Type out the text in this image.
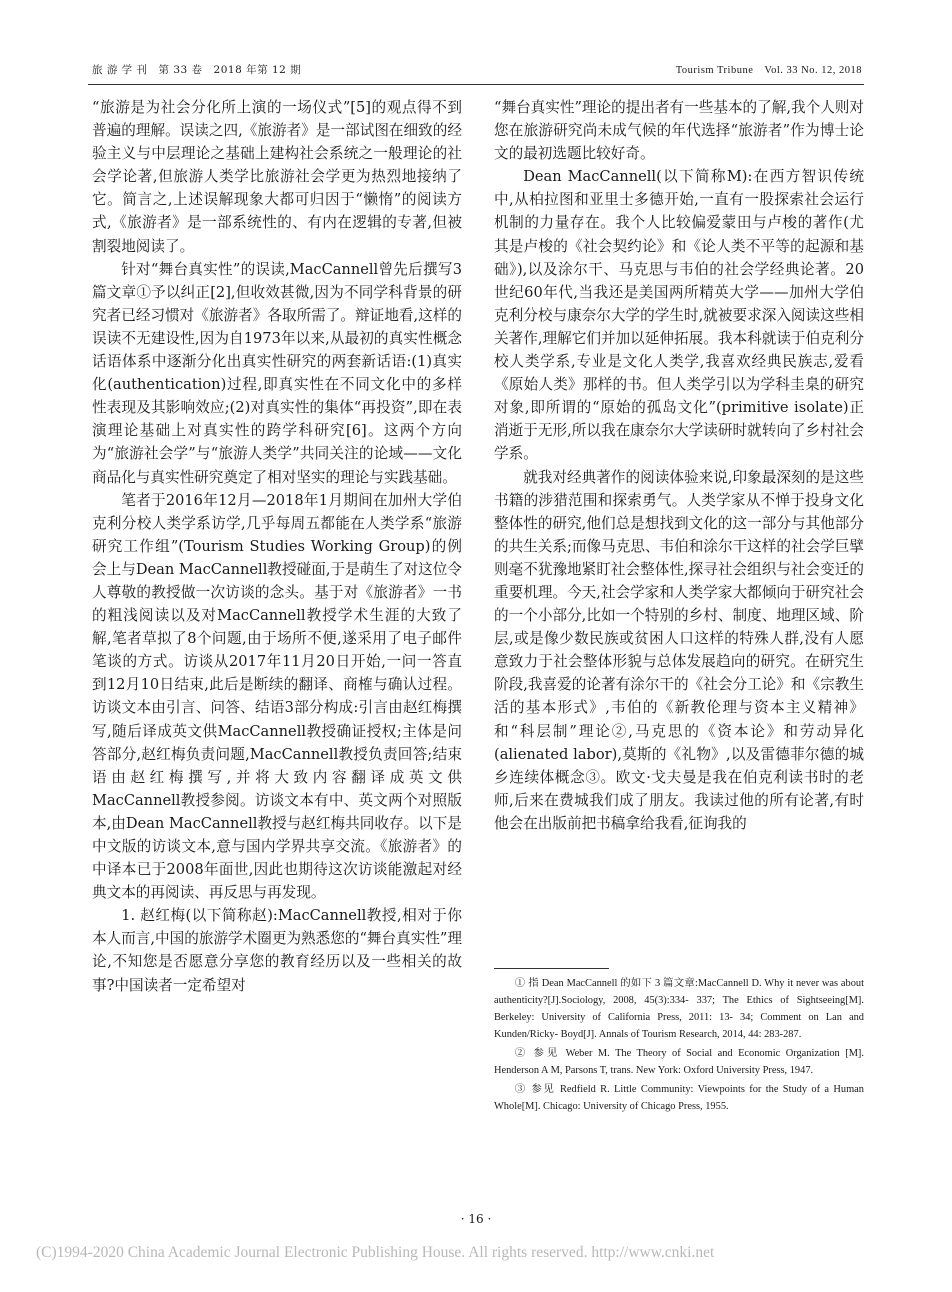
旅 游 学 刊　第 33 卷　2018 年第 12 期	Tourism Tribune　Vol. 33 No. 12, 2018

“旅游是为社会分化所上演的一场仪式”[5]的观点得不到普遍的理解。误读之四,《旅游者》是一部试图在细致的经验主义与中层理论之基础上建构社会系统之一般理论的社会学论著,但旅游人类学比旅游社会学更为热烈地接纳了它。简言之,上述误解现象大都可归因于“懒惰”的阅读方式,《旅游者》是一部系统性的、有内在逻辑的专著,但被割裂地阅读了。

针对“舞台真实性”的误读,MacCannell曾先后撰写3篇文章①予以纠正[2],但收效甚微,因为不同学科背景的研究者已经习惯对《旅游者》各取所需了。辩证地看,这样的误读不无建设性,因为自1973年以来,从最初的真实性概念话语体系中逐渐分化出真实性研究的两套新话语:(1)真实化(authentication)过程,即真实性在不同文化中的多样性表现及其影响效应;(2)对真实性的集体“再投资”,即在表演理论基础上对真实性的跨学科研究[6]。这两个方向为“旅游社会学”与“旅游人类学”共同关注的论域——文化商品化与真实性研究奠定了相对坚实的理论与实践基础。

笔者于2016年12月—2018年1月期间在加州大学伯克利分校人类学系访学,几乎每周五都能在人类学系“旅游研究工作组”(Tourism Studies Working Group)的例会上与Dean MacCannell教授碰面,于是萌生了对这位令人尊敬的教授做一次访谈的念头。基于对《旅游者》一书的粗浅阅读以及对MacCannell教授学术生涯的大致了解,笔者草拟了8个问题,由于场所不便,遂采用了电子邮件笔谈的方式。访谈从2017年11月20日开始,一问一答直到12月10日结束,此后是断续的翻译、商榷与确认过程。访谈文本由引言、问答、结语3部分构成:引言由赵红梅撰写,随后译成英文供MacCannell教授确证授权;主体是问答部分,赵红梅负责问题,MacCannell教授负责回答;结束语由赵红梅撰写,并将大致内容翻译成英文供MacCannell教授参阅。访谈文本有中、英文两个对照版本,由Dean MacCannell教授与赵红梅共同收存。以下是中文版的访谈文本,意与国内学界共享交流。《旅游者》的中译本已于2008年面世,因此也期待这次访谈能激起对经典文本的再阅读、再反思与再发现。

1. 赵红梅(以下简称赵):MacCannell教授,相对于你本人而言,中国的旅游学术圈更为熟悉您的“舞台真实性”理论,不知您是否愿意分享您的教育经历以及一些相关的故事?中国读者一定希望对

“舞台真实性”理论的提出者有一些基本的了解,我个人则对您在旅游研究尚未成气候的年代选择“旅游者”作为博士论文的最初选题比较好奇。

Dean MacCannell(以下简称M):在西方智识传统中,从柏拉图和亚里士多德开始,一直有一股探索社会运行机制的力量存在。我个人比较偏爱蒙田与卢梭的著作(尤其是卢梭的《社会契约论》和《论人类不平等的起源和基础》),以及涂尔干、马克思与韦伯的社会学经典论著。20世纪60年代,当我还是美国两所精英大学——加州大学伯克利分校与康奈尔大学的学生时,就被要求深入阅读这些相关著作,理解它们并加以延伸拓展。我本科就读于伯克利分校人类学系,专业是文化人类学,我喜欢经典民族志,爱看《原始人类》那样的书。但人类学引以为学科圭臬的研究对象,即所谓的“原始的孤岛文化”(primitive isolate)正消逝于无形,所以我在康奈尔大学读研时就转向了乡村社会学系。

就我对经典著作的阅读体验来说,印象最深刻的是这些书籍的涉猎范围和探索勇气。人类学家从不惮于投身文化整体性的研究,他们总是想找到文化的这一部分与其他部分的共生关系;而像马克思、韦伯和涂尔干这样的社会学巨擘则毫不犹豫地紧盯社会整体性,探寻社会组织与社会变迁的重要机理。今天,社会学家和人类学家大都倾向于研究社会的一个小部分,比如一个特别的乡村、制度、地理区域、阶层,或是像少数民族或贫困人口这样的特殊人群,没有人愿意致力于社会整体形貌与总体发展趋向的研究。在研究生阶段,我喜爱的论著有涂尔干的《社会分工论》和《宗教生活的基本形式》,韦伯的《新教伦理与资本主义精神》和“科层制”理论②,马克思的《资本论》和劳动异化(alienated labor),莫斯的《礼物》,以及雷德菲尔德的城乡连续体概念③。欧文·戈夫曼是我在伯克利读书时的老师,后来在费城我们成了朋友。我读过他的所有论著,有时他会在出版前把书稿拿给我看,征询我的

① 指 Dean MacCannell 的如下 3 篇文章:MacCannell D. Why it never was about authenticity?[J].Sociology, 2008, 45(3):334- 337; The Ethics of Sightseeing[M]. Berkeley: University of California Press, 2011: 13- 34; Comment on Lan and Kunden/Ricky- Boyd[J]. Annals of Tourism Research, 2014, 44: 283-287.

② 参见 Weber M. The Theory of Social and Economic Organization [M]. Henderson A M, Parsons T, trans. New York: Oxford University Press, 1947.

③ 参见 Redfield R. Little Community: Viewpoints for the Study of a Human Whole[M]. Chicago: University of Chicago Press, 1955.

· 16 ·
(C)1994-2020 China Academic Journal Electronic Publishing House. All rights reserved. http://www.cnki.net
